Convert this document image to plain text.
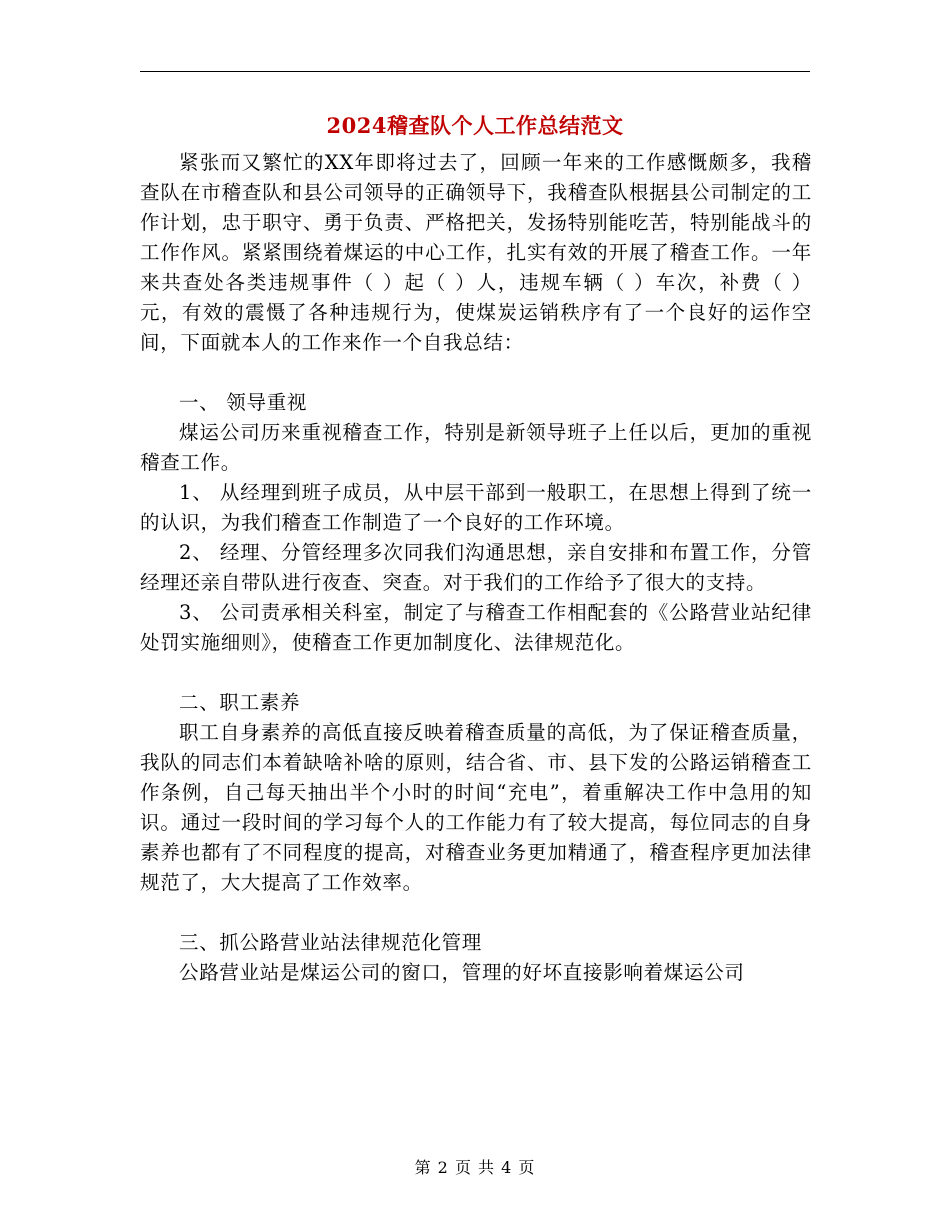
2024稽查队个人工作总结范文

紧张而又繁忙的XX年即将过去了，回顾一年来的工作感慨颇多，我稽查队在市稽查队和县公司领导的正确领导下，我稽查队根据县公司制定的工作计划，忠于职守、勇于负责、严格把关，发扬特别能吃苦，特别能战斗的工作作风。紧紧围绕着煤运的中心工作，扎实有效的开展了稽查工作。一年来共查处各类违规事件（ ）起（ ）人，违规车辆（ ）车次，补费（ ）元，有效的震慑了各种违规行为，使煤炭运销秩序有了一个良好的运作空间，下面就本人的工作来作一个自我总结：

一、 领导重视

煤运公司历来重视稽查工作，特别是新领导班子上任以后，更加的重视稽查工作。

1、 从经理到班子成员，从中层干部到一般职工，在思想上得到了统一的认识，为我们稽查工作制造了一个良好的工作环境。

2、 经理、分管经理多次同我们沟通思想，亲自安排和布置工作，分管经理还亲自带队进行夜查、突查。对于我们的工作给予了很大的支持。

3、 公司责承相关科室，制定了与稽查工作相配套的《公路营业站纪律处罚实施细则》，使稽查工作更加制度化、法律规范化。

二、职工素养

职工自身素养的高低直接反映着稽查质量的高低，为了保证稽查质量，我队的同志们本着缺啥补啥的原则，结合省、市、县下发的公路运销稽查工作条例，自己每天抽出半个小时的时间“充电”，着重解决工作中急用的知识。通过一段时间的学习每个人的工作能力有了较大提高，每位同志的自身素养也都有了不同程度的提高，对稽查业务更加精通了，稽查程序更加法律规范了，大大提高了工作效率。

三、抓公路营业站法律规范化管理

公路营业站是煤运公司的窗口，管理的好坏直接影响着煤运公司

第 2 页 共 4 页
